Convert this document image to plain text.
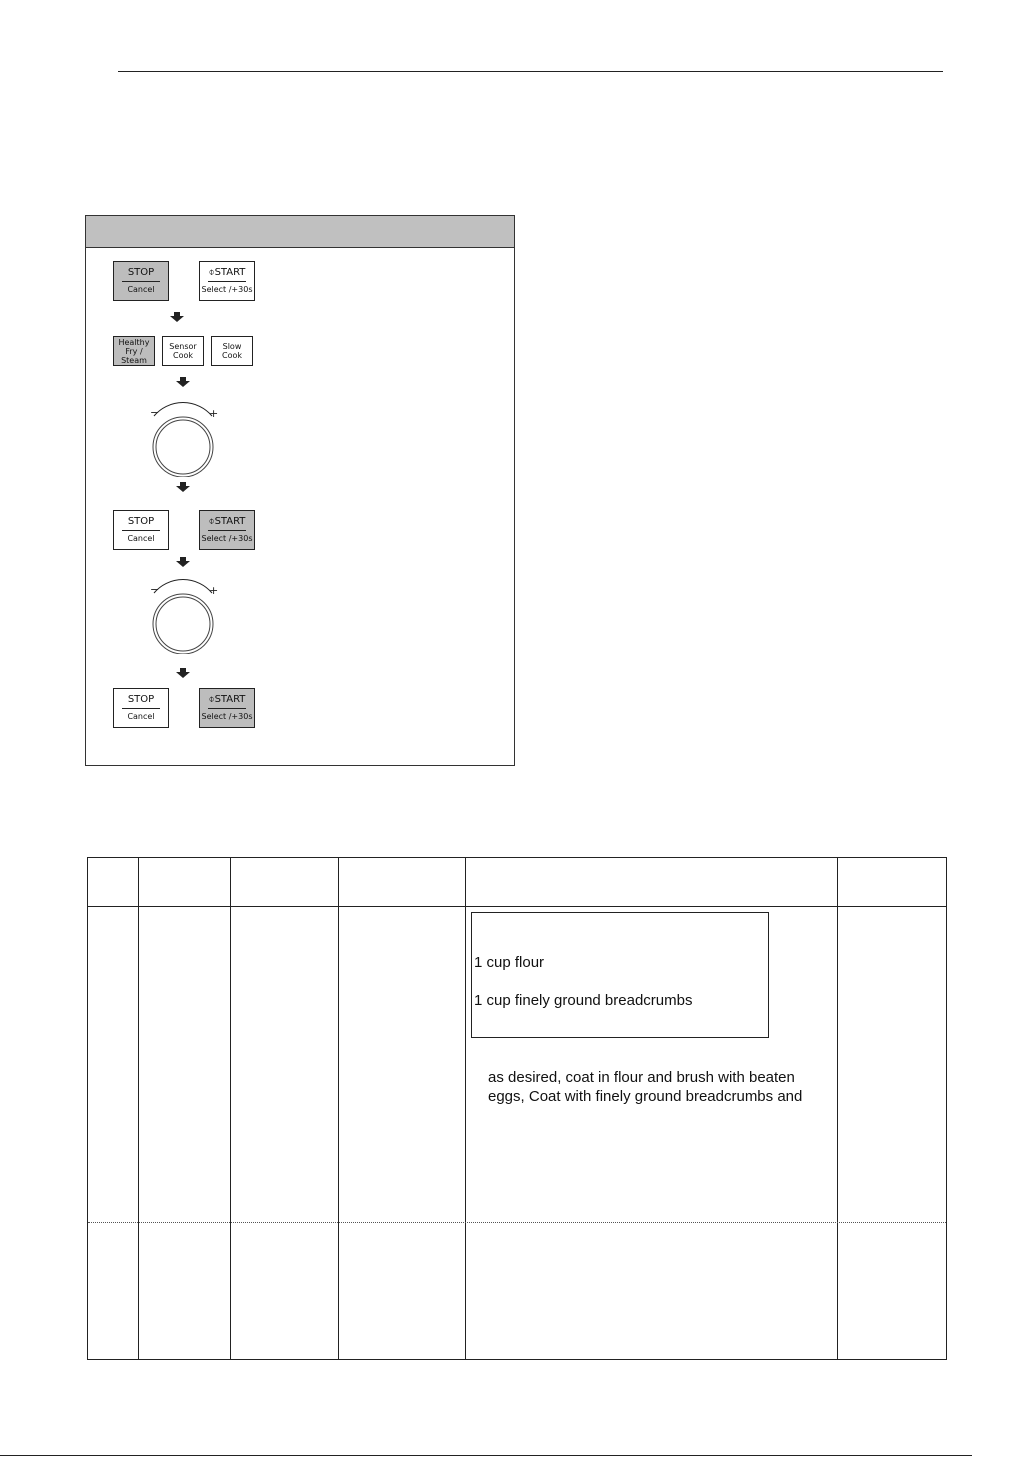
STOP
Cancel
⌽START
Select /+30s
Healthy Fry / Steam
Sensor Cook
Slow Cook
−	+
STOP
Cancel
⌽START
Select /+30s
−	+
STOP
Cancel
⌽START
Select /+30s
1 cup flour
1 cup finely ground breadcrumbs
as desired, coat in flour and brush with beaten
eggs, Coat with finely ground breadcrumbs and
